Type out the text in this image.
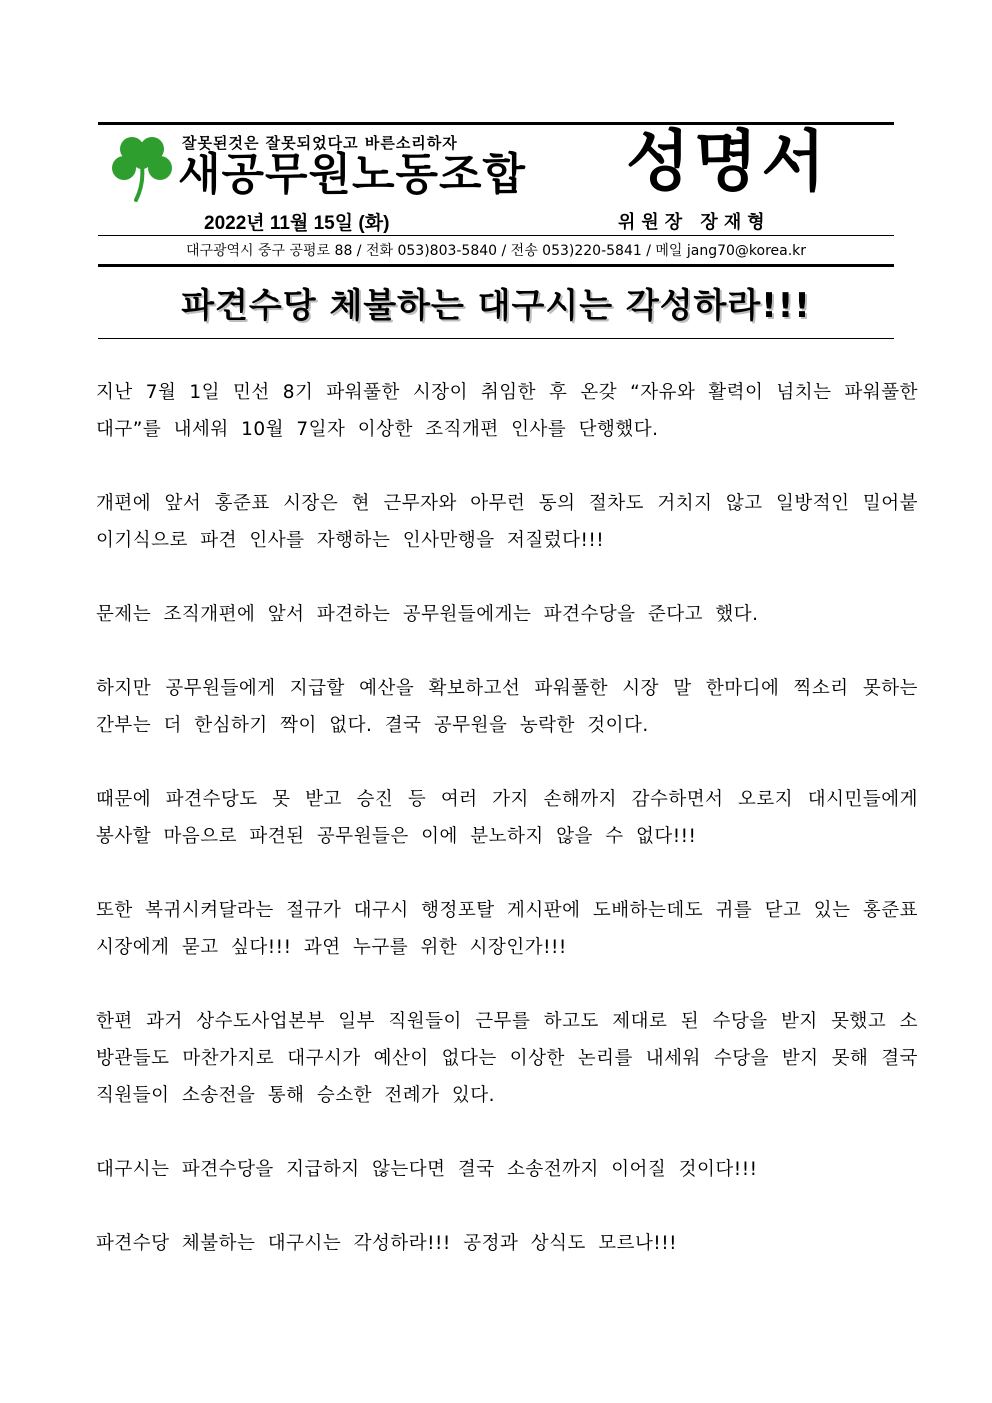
잘못된것은 잘못되었다고 바른소리하자
새공무원노동조합 성명서
2022년 11월 15일 (화)	위원장 장재형
대구광역시 중구 공평로 88 / 전화 053)803-5840 / 전송 053)220-5841 / 메일 jang70@korea.kr
파견수당 체불하는 대구시는 각성하라!!!

지난 7월 1일 민선 8기 파워풀한 시장이 취임한 후 온갖 “자유와 활력이 넘치는 파워풀한 대구”를 내세워 10월 7일자 이상한 조직개편 인사를 단행했다.

개편에 앞서 홍준표 시장은 현 근무자와 아무런 동의 절차도 거치지 않고 일방적인 밀어붙이기식으로 파견 인사를 자행하는 인사만행을 저질렀다!!!

문제는 조직개편에 앞서 파견하는 공무원들에게는 파견수당을 준다고 했다.

하지만 공무원들에게 지급할 예산을 확보하고선 파워풀한 시장 말 한마디에 찍소리 못하는 간부는 더 한심하기 짝이 없다. 결국 공무원을 농락한 것이다.

때문에 파견수당도 못 받고 승진 등 여러 가지 손해까지 감수하면서 오로지 대시민들에게 봉사할 마음으로 파견된 공무원들은 이에 분노하지 않을 수 없다!!!

또한 복귀시켜달라는 절규가 대구시 행정포탈 게시판에 도배하는데도 귀를 닫고 있는 홍준표 시장에게 묻고 싶다!!! 과연 누구를 위한 시장인가!!!

한편 과거 상수도사업본부 일부 직원들이 근무를 하고도 제대로 된 수당을 받지 못했고 소방관들도 마찬가지로 대구시가 예산이 없다는 이상한 논리를 내세워 수당을 받지 못해 결국 직원들이 소송전을 통해 승소한 전례가 있다.

대구시는 파견수당을 지급하지 않는다면 결국 소송전까지 이어질 것이다!!!

파견수당 체불하는 대구시는 각성하라!!! 공정과 상식도 모르나!!!
